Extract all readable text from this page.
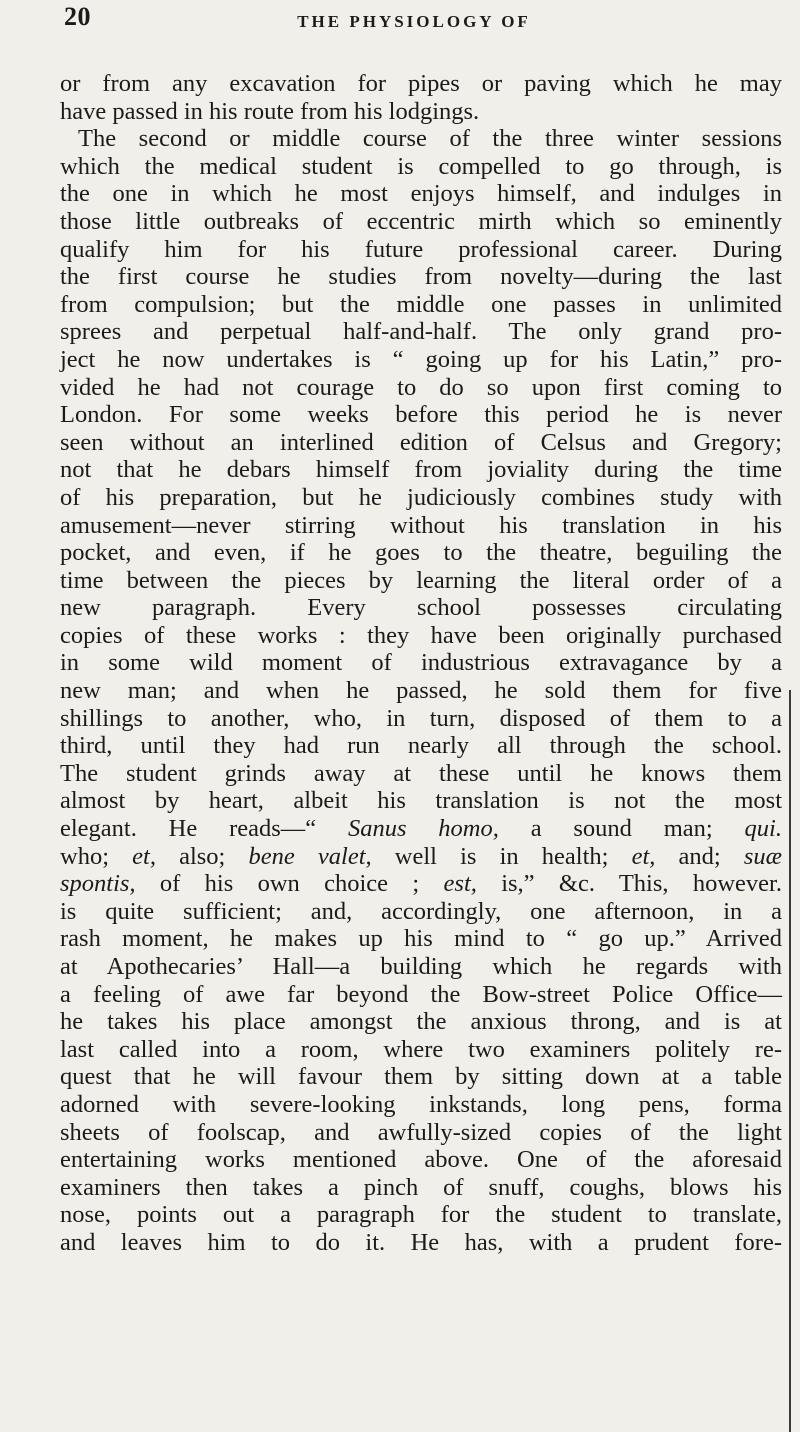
20	THE PHYSIOLOGY OF
or from any excavation for pipes or paving which he may
have passed in his route from his lodgings.
The second or middle course of the three winter sessions
which the medical student is compelled to go through, is
the one in which he most enjoys himself, and indulges in
those little outbreaks of eccentric mirth which so eminently
qualify him for his future professional career. During
the first course he studies from novelty—during the last
from compulsion; but the middle one passes in unlimited
sprees and perpetual half-and-half. The only grand pro-
ject he now undertakes is “ going up for his Latin,” pro-
vided he had not courage to do so upon first coming to
London. For some weeks before this period he is never
seen without an interlined edition of Celsus and Gregory;
not that he debars himself from joviality during the time
of his preparation, but he judiciously combines study with
amusement—never stirring without his translation in his
pocket, and even, if he goes to the theatre, beguiling the
time between the pieces by learning the literal order of a
new paragraph. Every school possesses circulating
copies of these works : they have been originally purchased
in some wild moment of industrious extravagance by a
new man; and when he passed, he sold them for five
shillings to another, who, in turn, disposed of them to a
third, until they had run nearly all through the school.
The student grinds away at these until he knows them
almost by heart, albeit his translation is not the most
elegant. He reads—“ Sanus homo, a sound man; qui.
who; et, also; bene valet, well is in health; et, and; suæ
spontis, of his own choice ; est, is,” &c. This, however.
is quite sufficient; and, accordingly, one afternoon, in a
rash moment, he makes up his mind to “ go up.” Arrived
at Apothecaries’ Hall—a building which he regards with
a feeling of awe far beyond the Bow-street Police Office—
he takes his place amongst the anxious throng, and is at
last called into a room, where two examiners politely re-
quest that he will favour them by sitting down at a table
adorned with severe-looking inkstands, long pens, forma
sheets of foolscap, and awfully-sized copies of the light
entertaining works mentioned above. One of the aforesaid
examiners then takes a pinch of snuff, coughs, blows his
nose, points out a paragraph for the student to translate,
and leaves him to do it. He has, with a prudent fore-
